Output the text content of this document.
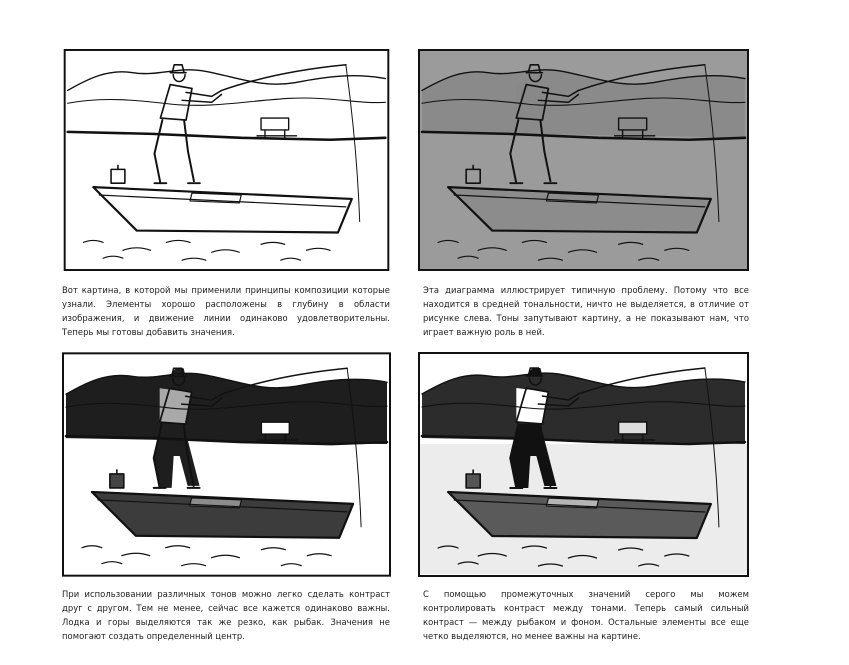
Вот картина, в которой мы применили принципы композиции которые узнали. Элементы хорошо расположены в глубину в области изображения, и движение линии одинаково удовлетворительны. Теперь мы готовы добавить значения.
Эта диаграмма иллюстрирует типичную проблему. Потому что все находится в средней тональности, ничто не выделяется, в отличие от рисунке слева. Тоны запутывают картину, а не показывают нам, что играет важную роль в ней.
При использовании различных тонов можно легко сделать контраст друг с другом. Тем не менее, сейчас все кажется одинаково важны. Лодка и горы выделяются так же резко, как рыбак. Значения не помогают создать определенный центр.
С помощью промежуточных значений серого мы можем контролировать контраст между тонами. Теперь самый сильный контраст — между рыбаком и фоном. Остальные элементы все еще четко выделяются, но менее важны на картине.
